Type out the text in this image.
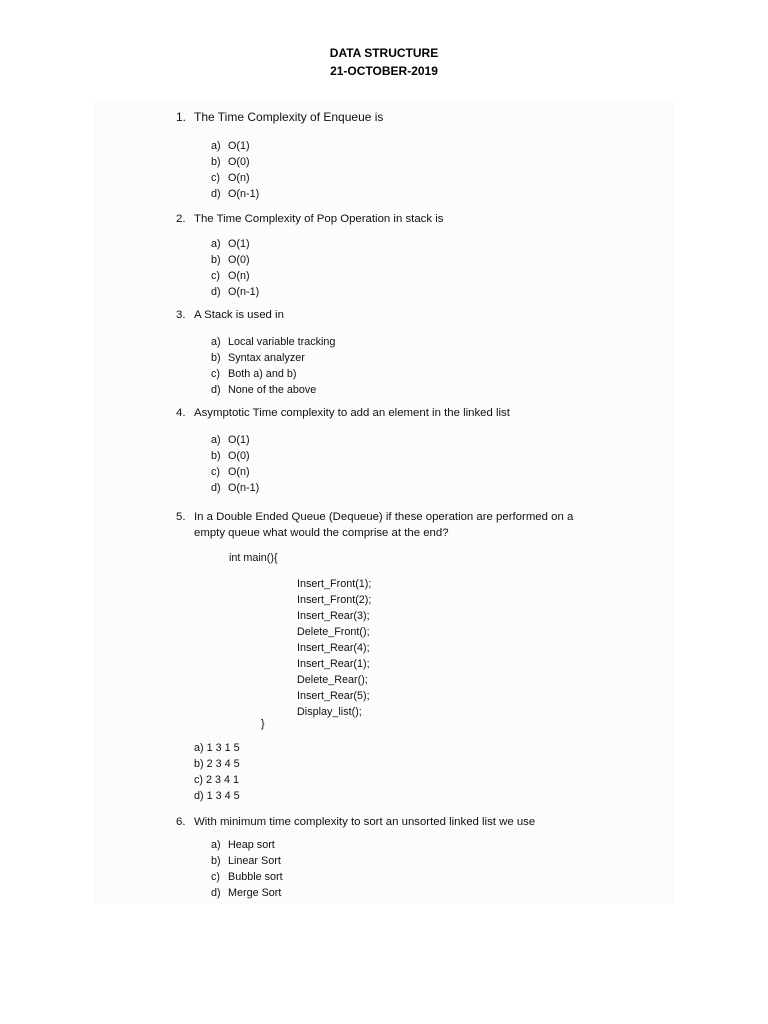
DATA STRUCTURE
21-OCTOBER-2019
1. The Time Complexity of Enqueue is
a) O(1)
b) O(0)
c) O(n)
d) O(n-1)
2. The Time Complexity of Pop Operation in stack is
a) O(1)
b) O(0)
c) O(n)
d) O(n-1)
3. A Stack is used in
a) Local variable tracking
b) Syntax analyzer
c) Both a) and b)
d) None of the above
4. Asymptotic Time complexity to add an element in the linked list
a) O(1)
b) O(0)
c) O(n)
d) O(n-1)
5. In a Double Ended Queue (Dequeue) if these operation are performed on a
empty queue what would the comprise at the end?
int main(){
Insert_Front(1);
Insert_Front(2);
Insert_Rear(3);
Delete_Front();
Insert_Rear(4);
Insert_Rear(1);
Delete_Rear();
Insert_Rear(5);
Display_list();
}
a) 1 3 1 5
b) 2 3 4 5
c) 2 3 4 1
d) 1 3 4 5
6. With minimum time complexity to sort an unsorted linked list we use
a) Heap sort
b) Linear Sort
c) Bubble sort
d) Merge Sort
